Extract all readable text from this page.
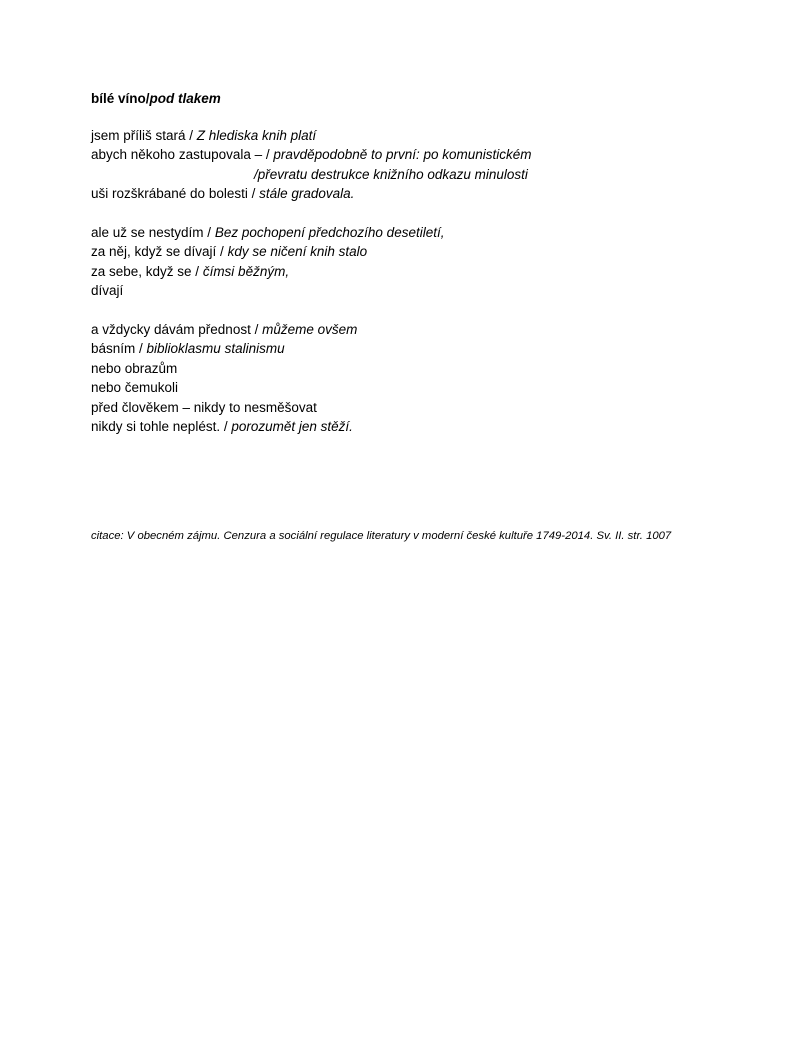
bílé víno/pod tlakem
jsem příliš stará / Z hlediska knih platí
abych někoho zastupovala – / pravděpodobně to první: po komunistickém
/převratu destrukce knižního odkazu minulosti
uši rozškrábané do bolesti / stále gradovala.
ale už se nestydím / Bez pochopení předchozího desetiletí,
za něj, když se dívají / kdy se ničení knih stalo
za sebe, když se / čímsi běžným,
dívají
a vždycky dávám přednost / můžeme ovšem
básním / biblioklasmu stalinismu
nebo obrazům
nebo čemukoli
před člověkem – nikdy to nesměšovat
nikdy si tohle neplést. / porozumět jen stěží.
citace: V obecném zájmu. Cenzura a sociální regulace literatury v moderní české kultuře 1749-2014. Sv. II. str. 1007
